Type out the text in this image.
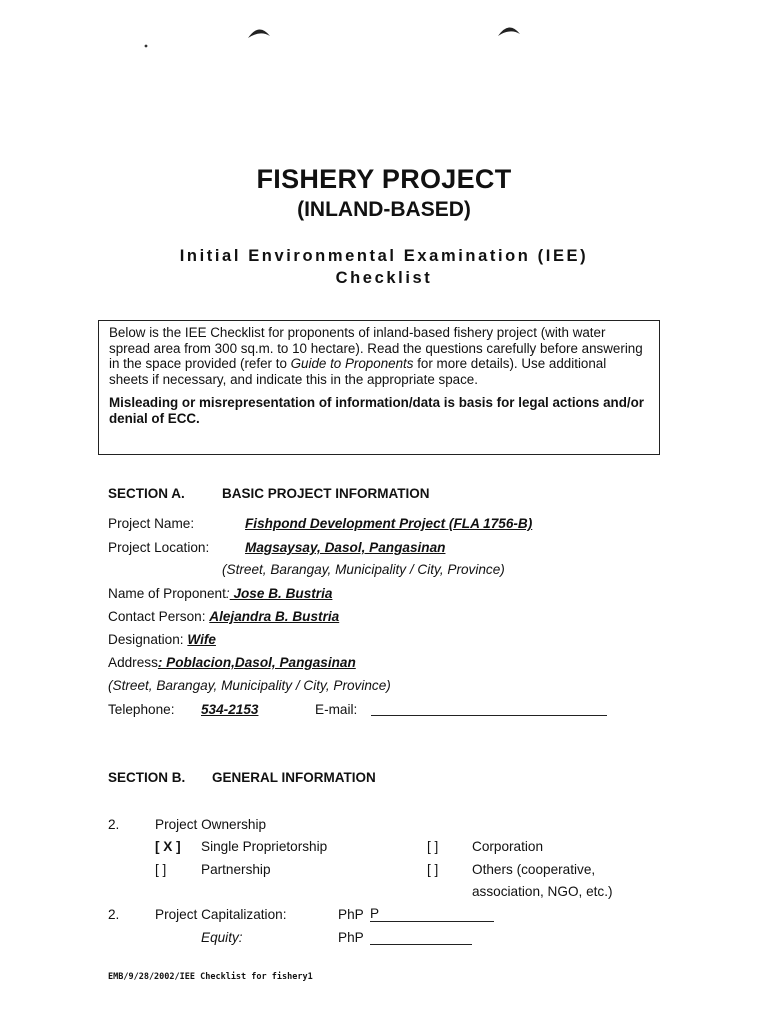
FISHERY PROJECT
(INLAND-BASED)
Initial Environmental Examination (IEE)
Checklist

Below is the IEE Checklist for proponents of inland-based fishery project (with water spread area from 300 sq.m. to 10 hectare). Read the questions carefully before answering in the space provided (refer to Guide to Proponents for more details). Use additional sheets if necessary, and indicate this in the appropriate space.

Misleading or misrepresentation of information/data is basis for legal actions and/or denial of ECC.

SECTION A.	BASIC PROJECT INFORMATION
Project Name:	Fishpond Development Project (FLA 1756-B)
Project Location:	Magsaysay, Dasol, Pangasinan
(Street, Barangay, Municipality / City, Province)
Name of Proponent: Jose B. Bustria
Contact Person: Alejandra B. Bustria
Designation: Wife
Address: Poblacion,Dasol, Pangasinan
(Street, Barangay, Municipality / City, Province)
Telephone: 534-2153	E-mail:
SECTION B. GENERAL INFORMATION
2.	Project Ownership
[ X ] Single Proprietorship	[ ] Corporation
[ ]	Partnership	[ ] Others (cooperative,
association, NGO, etc.)
2.	Project Capitalization:	PhP P
Equity:	PhP
EMB/9/28/2002/IEE Checklist for fishery1
